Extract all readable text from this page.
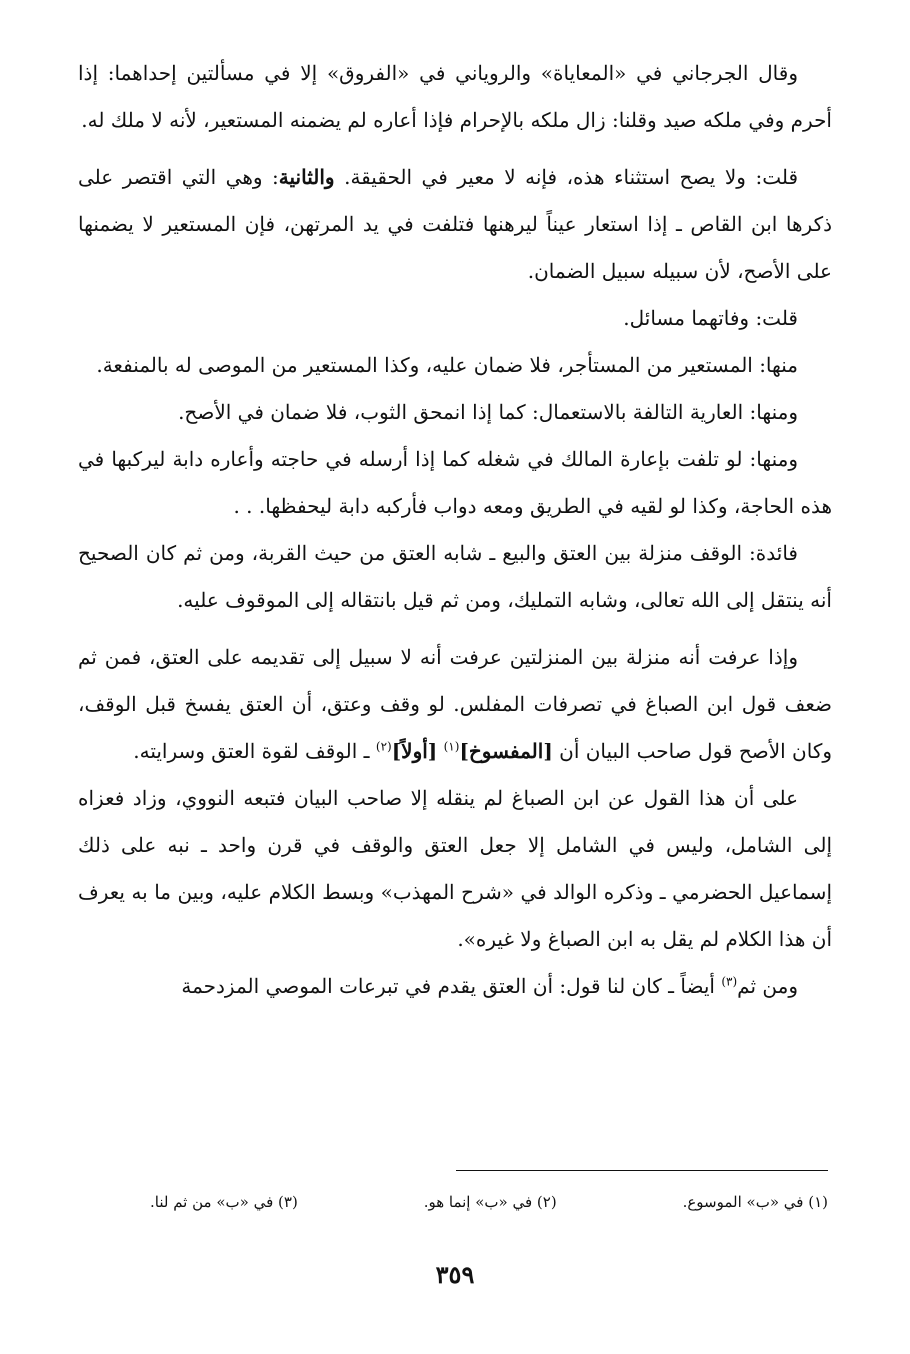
وقال الجرجاني في «المعاياة» والروياني في «الفروق» إلا في مسألتين إحداهما: إذا أحرم وفي ملكه صيد وقلنا: زال ملكه بالإحرام فإذا أعاره لم يضمنه المستعير، لأنه لا ملك له.

قلت: ولا يصح استثناء هذه، فإنه لا معير في الحقيقة. والثانية: وهي التي اقتصر على ذكرها ابن القاص ـ إذا استعار عيناً ليرهنها فتلفت في يد المرتهن، فإن المستعير لا يضمنها على الأصح، لأن سبيله سبيل الضمان.

قلت: وفاتهما مسائل.

منها: المستعير من المستأجر، فلا ضمان عليه، وكذا المستعير من الموصى له بالمنفعة.

ومنها: العارية التالفة بالاستعمال: كما إذا انمحق الثوب، فلا ضمان في الأصح.

ومنها: لو تلفت بإعارة المالك في شغله كما إذا أرسله في حاجته وأعاره دابة ليركبها في هذه الحاجة، وكذا لو لقيه في الطريق ومعه دواب فأركبه دابة ليحفظها. . .

فائدة: الوقف منزلة بين العتق والبيع ـ شابه العتق من حيث القربة، ومن ثم كان الصحيح أنه ينتقل إلى الله تعالى، وشابه التمليك، ومن ثم قيل بانتقاله إلى الموقوف عليه.

وإذا عرفت أنه منزلة بين المنزلتين عرفت أنه لا سبيل إلى تقديمه على العتق، فمن ثم ضعف قول ابن الصباغ في تصرفات المفلس. لو وقف وعتق، أن العتق يفسخ قبل الوقف، وكان الأصح قول صاحب البيان أن [المفسوخ]$^{(١)}$ [أولاً]$^{(٢)}$ ـ الوقف لقوة العتق وسرايته.

على أن هذا القول عن ابن الصباغ لم ينقله إلا صاحب البيان فتبعه النووي، وزاد فعزاه إلى الشامل، وليس في الشامل إلا جعل العتق والوقف في قرن واحد ـ نبه على ذلك إسماعيل الحضرمي ـ وذكره الوالد في «شرح المهذب» وبسط الكلام عليه، وبين ما به يعرف أن هذا الكلام لم يقل به ابن الصباغ ولا غيره».

ومن ثم$^{(٣)}$ أيضاً ـ كان لنا قول: أن العتق يقدم في تبرعات الموصي المزدحمة

(١) في «ب» الموسوع.
(٢) في «ب» إنما هو.
(٣) في «ب» من ثم لنا.
٣٥٩
